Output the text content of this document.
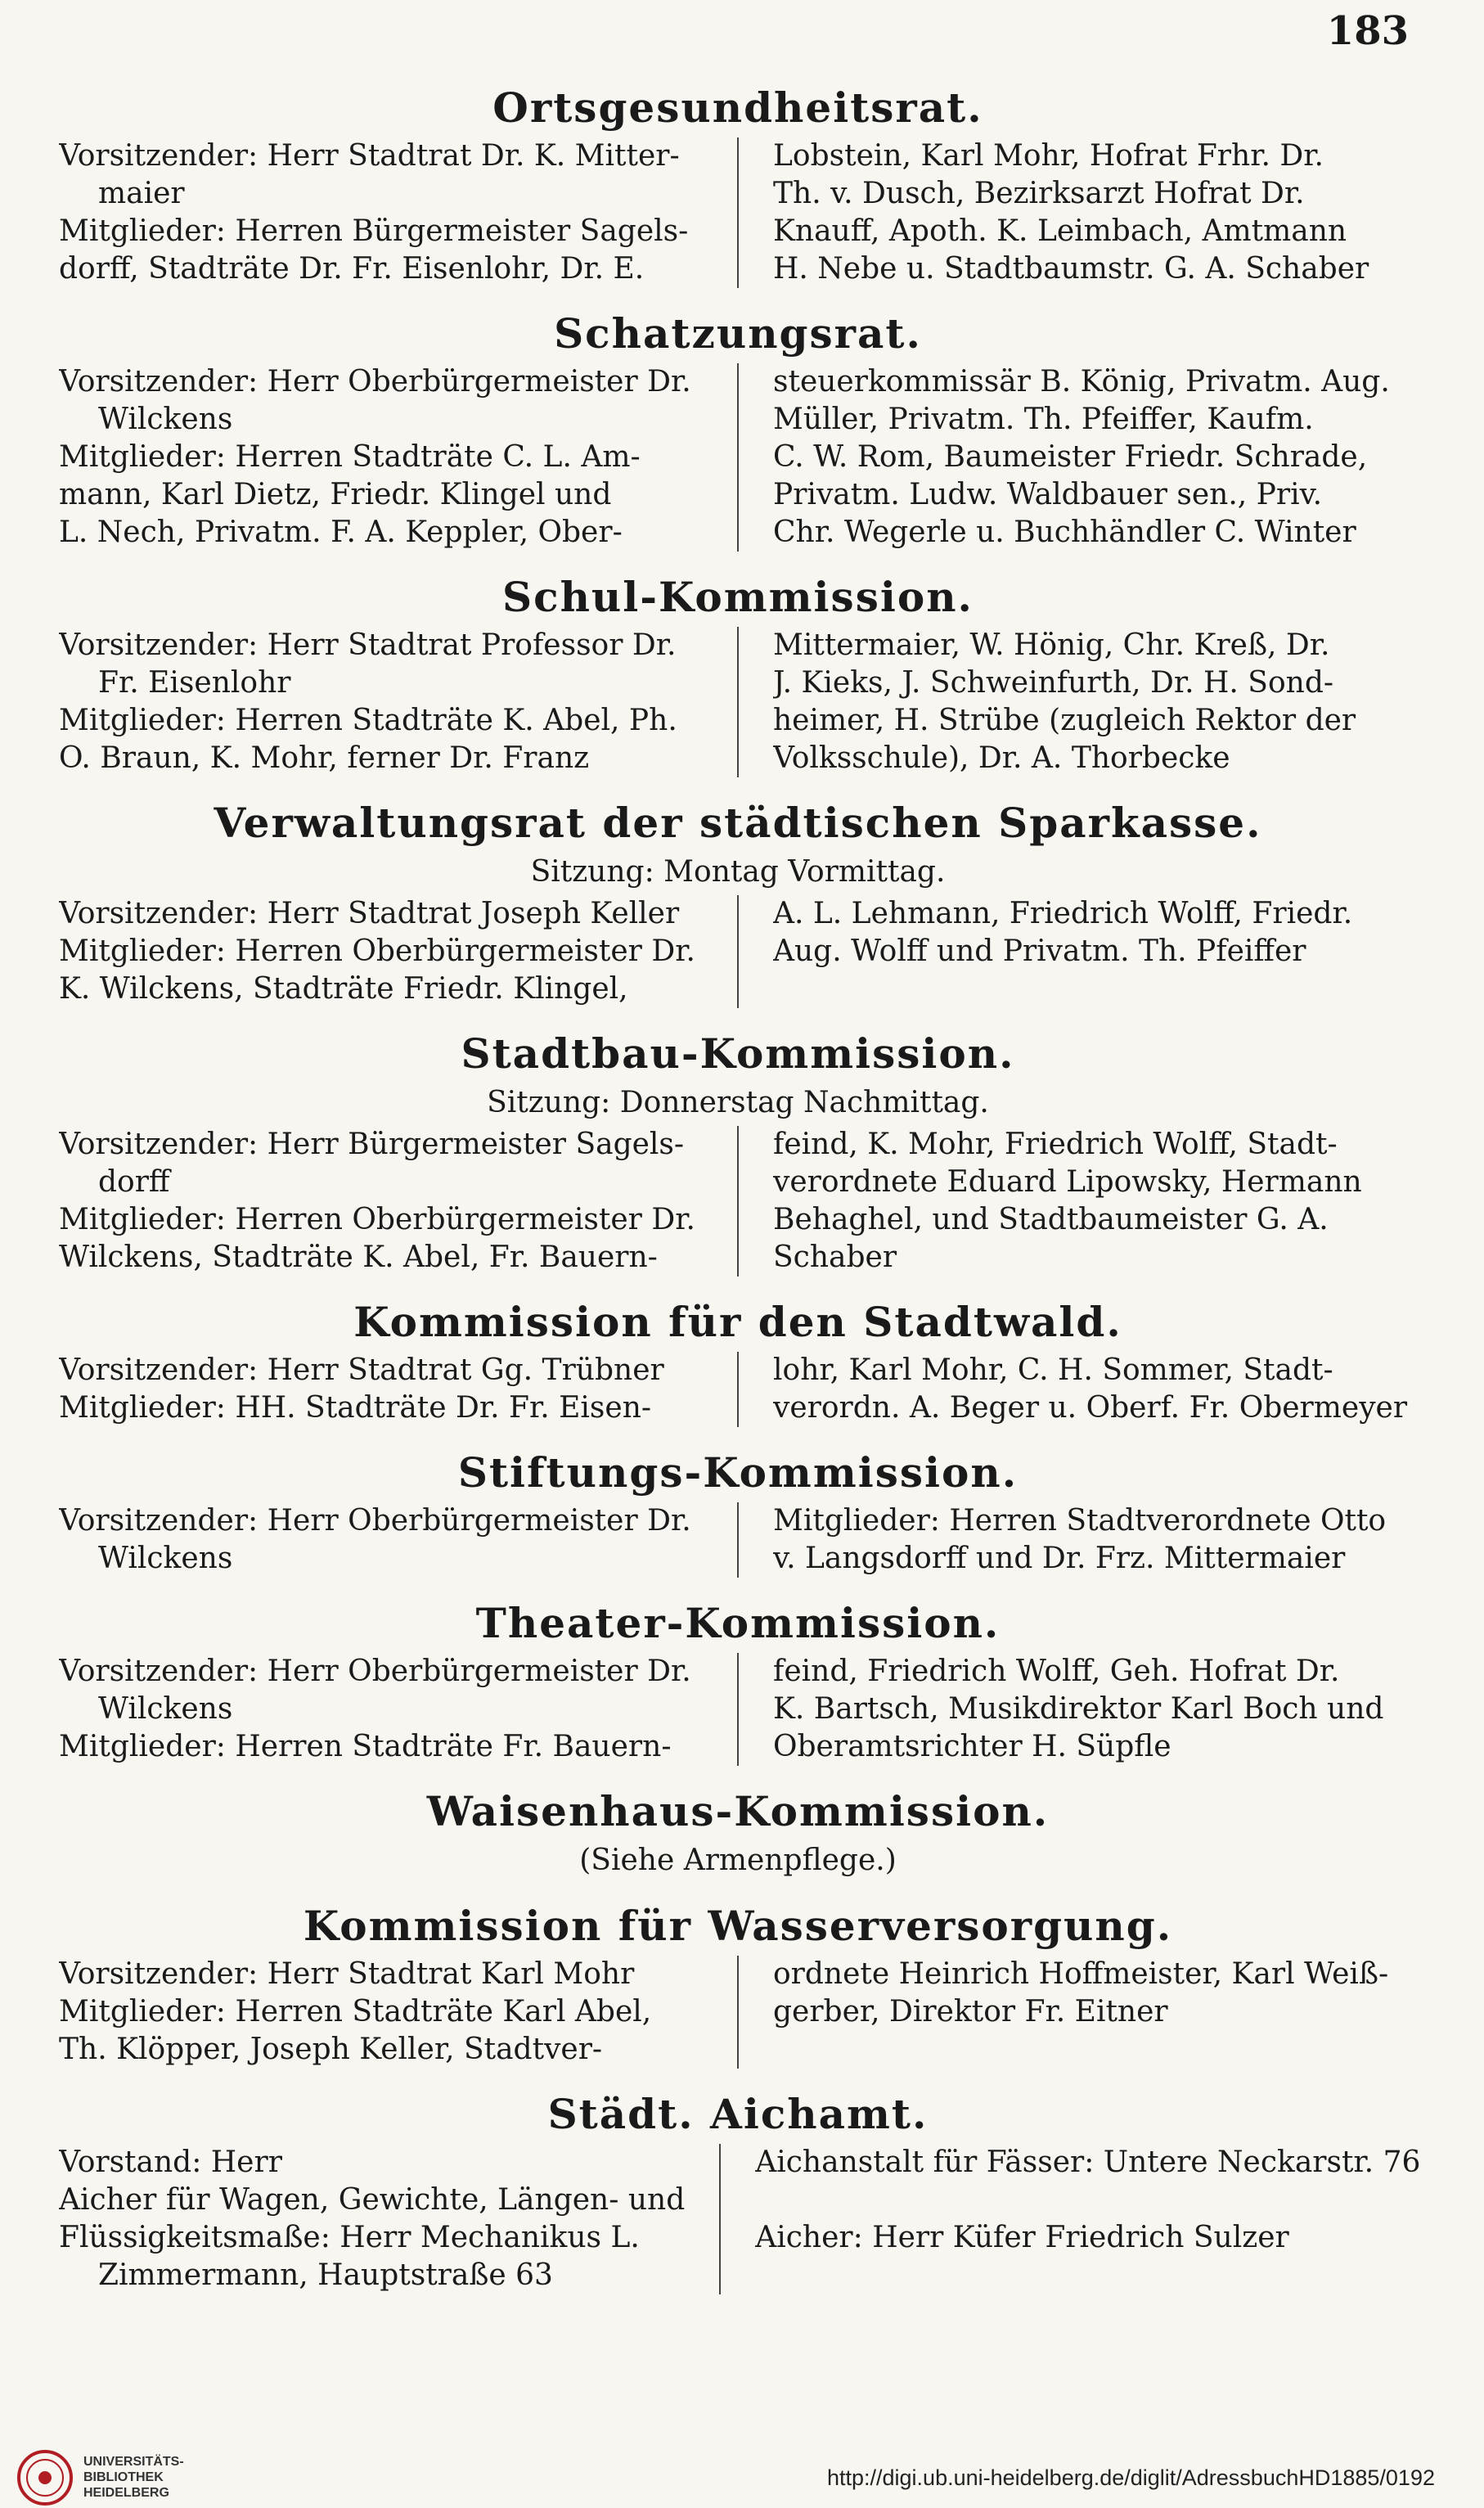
183
Ortsgesundheitsrat.
Vorsitzender: Herr Stadtrat Dr. K. Mitter-
maier
Mitglieder: Herren Bürgermeister Sagels-
dorff, Stadträte Dr. Fr. Eisenlohr, Dr. E.
Lobstein, Karl Mohr, Hofrat Frhr. Dr.
Th. v. Dusch, Bezirksarzt Hofrat Dr.
Knauff, Apoth. K. Leimbach, Amtmann
H. Nebe u. Stadtbaumstr. G. A. Schaber
Schatzungsrat.
Vorsitzender: Herr Oberbürgermeister Dr.
Wilckens
Mitglieder: Herren Stadträte C. L. Am-
mann, Karl Dietz, Friedr. Klingel und
L. Nech, Privatm. F. A. Keppler, Ober-
steuerkommissär B. König, Privatm. Aug.
Müller, Privatm. Th. Pfeiffer, Kaufm.
C. W. Rom, Baumeister Friedr. Schrade,
Privatm. Ludw. Waldbauer sen., Priv.
Chr. Wegerle u. Buchhändler C. Winter
Schul-Kommission.
Vorsitzender: Herr Stadtrat Professor Dr.
Fr. Eisenlohr
Mitglieder: Herren Stadträte K. Abel, Ph.
O. Braun, K. Mohr, ferner Dr. Franz
Mittermaier, W. Hönig, Chr. Kreß, Dr.
J. Kieks, J. Schweinfurth, Dr. H. Sond-
heimer, H. Strübe (zugleich Rektor der
Volksschule), Dr. A. Thorbecke
Verwaltungsrat der städtischen Sparkasse.
Sitzung: Montag Vormittag.
Vorsitzender: Herr Stadtrat Joseph Keller
Mitglieder: Herren Oberbürgermeister Dr.
K. Wilckens, Stadträte Friedr. Klingel,
A. L. Lehmann, Friedrich Wolff, Friedr.
Aug. Wolff und Privatm. Th. Pfeiffer
Stadtbau-Kommission.
Sitzung: Donnerstag Nachmittag.
Vorsitzender: Herr Bürgermeister Sagels-
dorff
Mitglieder: Herren Oberbürgermeister Dr.
Wilckens, Stadträte K. Abel, Fr. Bauern-
feind, K. Mohr, Friedrich Wolff, Stadt-
verordnete Eduard Lipowsky, Hermann
Behaghel, und Stadtbaumeister G. A.
Schaber
Kommission für den Stadtwald.
Vorsitzender: Herr Stadtrat Gg. Trübner
Mitglieder: HH. Stadträte Dr. Fr. Eisen-
lohr, Karl Mohr, C. H. Sommer, Stadt-
verordn. A. Beger u. Oberf. Fr. Obermeyer
Stiftungs-Kommission.
Vorsitzender: Herr Oberbürgermeister Dr.
Wilckens
Mitglieder: Herren Stadtverordnete Otto
v. Langsdorff und Dr. Frz. Mittermaier
Theater-Kommission.
Vorsitzender: Herr Oberbürgermeister Dr.
Wilckens
Mitglieder: Herren Stadträte Fr. Bauern-
feind, Friedrich Wolff, Geh. Hofrat Dr.
K. Bartsch, Musikdirektor Karl Boch und
Oberamtsrichter H. Süpfle
Waisenhaus-Kommission.
(Siehe Armenpflege.)
Kommission für Wasserversorgung.
Vorsitzender: Herr Stadtrat Karl Mohr
Mitglieder: Herren Stadträte Karl Abel,
Th. Klöpper, Joseph Keller, Stadtver-
ordnete Heinrich Hoffmeister, Karl Weiß-
gerber, Direktor Fr. Eitner
Städt. Aichamt.
Vorstand: Herr
Aicher für Wagen, Gewichte, Längen- und
Flüssigkeitsmaße: Herr Mechanikus L.
Zimmermann, Hauptstraße 63
Aichanstalt für Fässer: Untere Neckarstr. 76

Aicher: Herr Küfer Friedrich Sulzer
UNIVERSITÄTS-
BIBLIOTHEK
HEIDELBERG
http://digi.ub.uni-heidelberg.de/diglit/AdressbuchHD1885/0192
